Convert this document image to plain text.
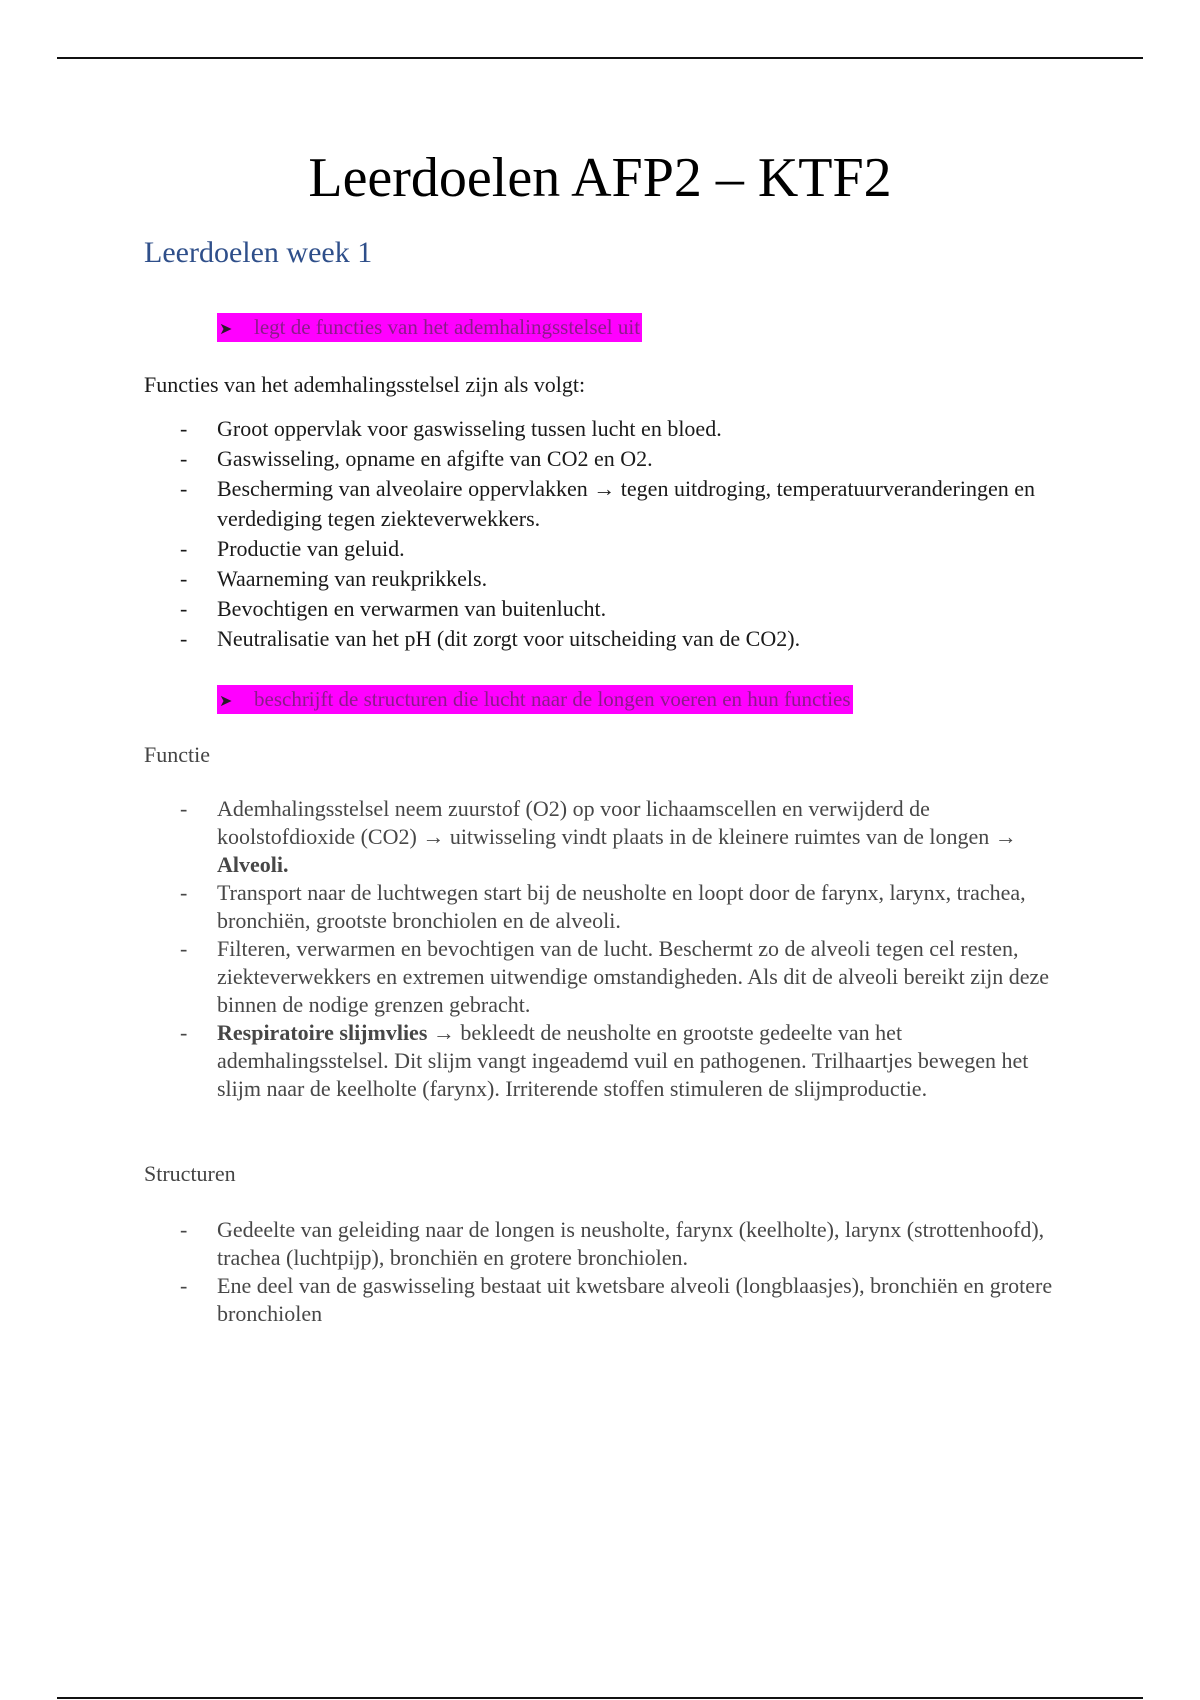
Leerdoelen AFP2 – KTF2
Leerdoelen week 1
➤ legt de functies van het ademhalingsstelsel uit

Functies van het ademhalingsstelsel zijn als volgt:

- Groot oppervlak voor gaswisseling tussen lucht en bloed.
- Gaswisseling, opname en afgifte van CO2 en O2.
- Bescherming van alveolaire oppervlakken → tegen uitdroging, temperatuurveranderingen en verdediging tegen ziekteverwekkers.
- Productie van geluid.
- Waarneming van reukprikkels.
- Bevochtigen en verwarmen van buitenlucht.
- Neutralisatie van het pH (dit zorgt voor uitscheiding van de CO2).
➤ beschrijft de structuren die lucht naar de longen voeren en hun functies

Functie

- Ademhalingsstelsel neem zuurstof (O2) op voor lichaamscellen en verwijderd de koolstofdioxide (CO2) → uitwisseling vindt plaats in de kleinere ruimtes van de longen → Alveoli.
- Transport naar de luchtwegen start bij de neusholte en loopt door de farynx, larynx, trachea, bronchiën, grootste bronchiolen en de alveoli.
- Filteren, verwarmen en bevochtigen van de lucht. Beschermt zo de alveoli tegen cel resten, ziekteverwekkers en extremen uitwendige omstandigheden. Als dit de alveoli bereikt zijn deze binnen de nodige grenzen gebracht.
- Respiratoire slijmvlies → bekleedt de neusholte en grootste gedeelte van het ademhalingsstelsel. Dit slijm vangt ingeademd vuil en pathogenen. Trilhaartjes bewegen het slijm naar de keelholte (farynx). Irriterende stoffen stimuleren de slijmproductie.

Structuren

- Gedeelte van geleiding naar de longen is neusholte, farynx (keelholte), larynx (strottenhoofd), trachea (luchtpijp), bronchiën en grotere bronchiolen.
- Ene deel van de gaswisseling bestaat uit kwetsbare alveoli (longblaasjes), bronchiën en grotere bronchiolen
